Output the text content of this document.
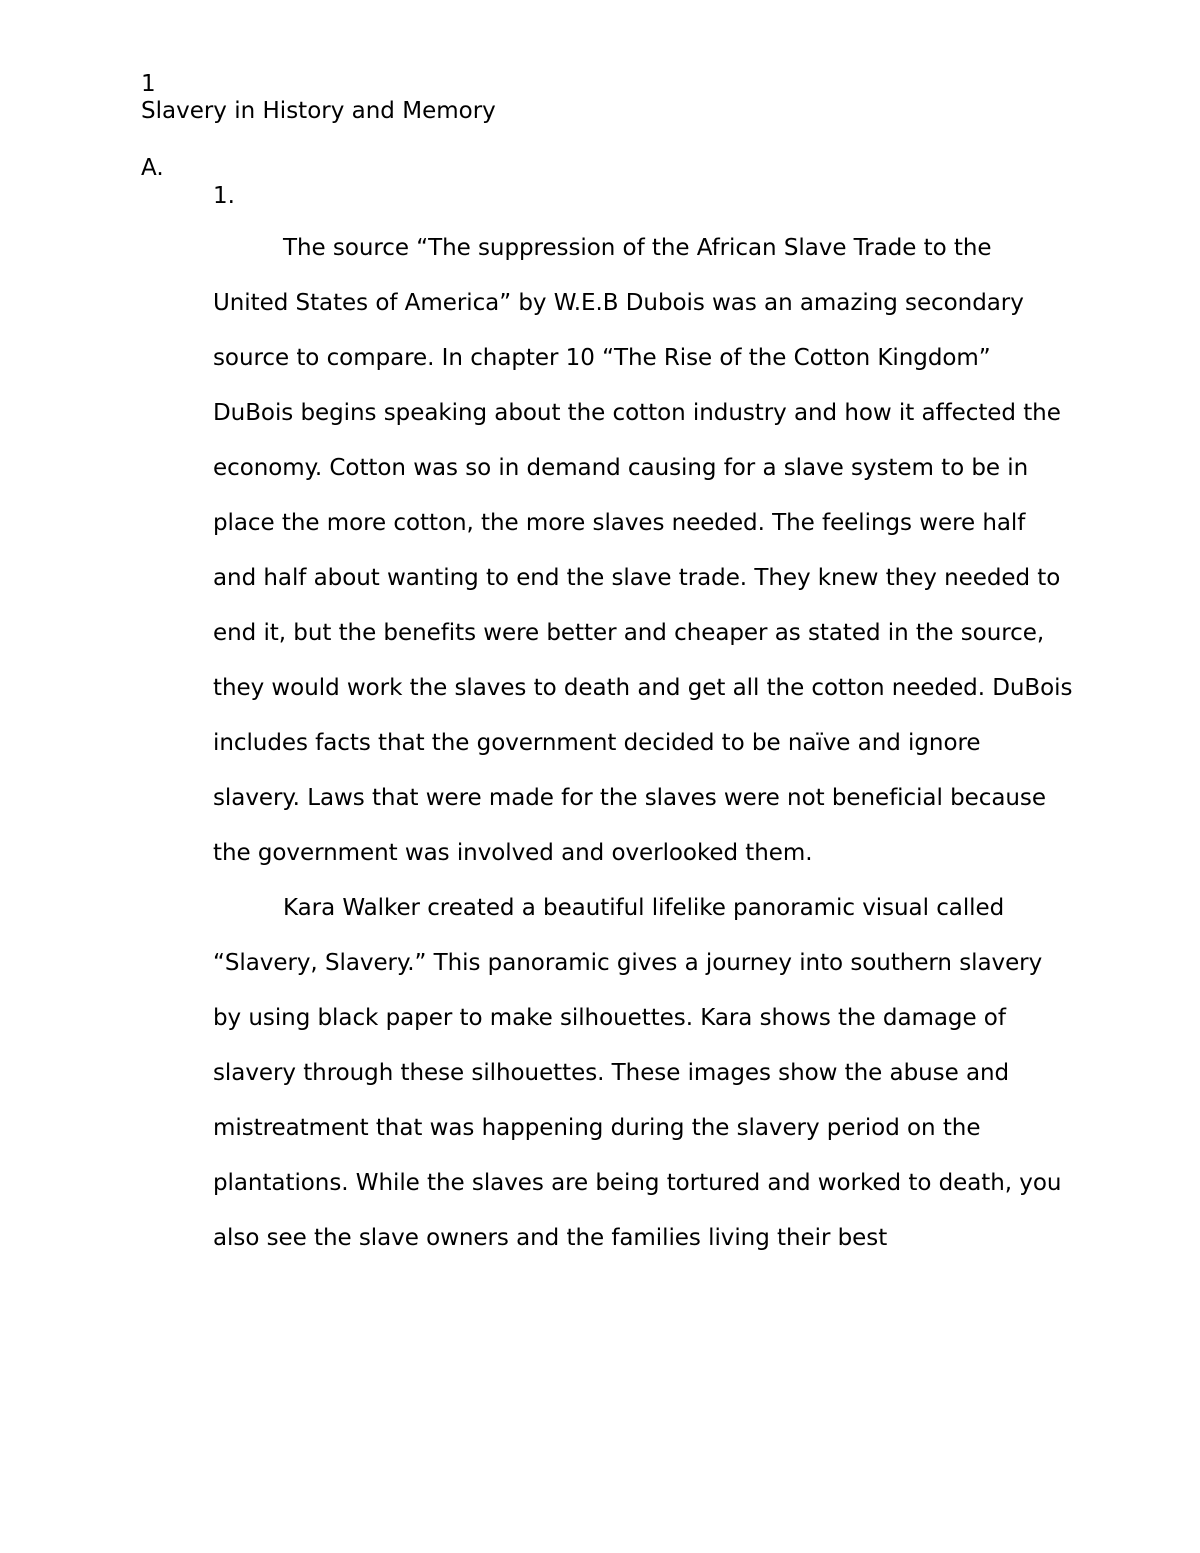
1
Slavery in History and Memory
A.
1.

The source “The suppression of the African Slave Trade to the United States of America” by W.E.B Dubois was an amazing secondary source to compare. In chapter 10 “The Rise of the Cotton Kingdom” DuBois begins speaking about the cotton industry and how it affected the economy. Cotton was so in demand causing for a slave system to be in place the more cotton, the more slaves needed. The feelings were half and half about wanting to end the slave trade. They knew they needed to end it, but the benefits were better and cheaper as stated in the source, they would work the slaves to death and get all the cotton needed. DuBois includes facts that the government decided to be naïve and ignore slavery. Laws that were made for the slaves were not beneficial because the government was involved and overlooked them.

Kara Walker created a beautiful lifelike panoramic visual called “Slavery, Slavery.” This panoramic gives a journey into southern slavery by using black paper to make silhouettes. Kara shows the damage of slavery through these silhouettes. These images show the abuse and mistreatment that was happening during the slavery period on the plantations. While the slaves are being tortured and worked to death, you also see the slave owners and the families living their best
